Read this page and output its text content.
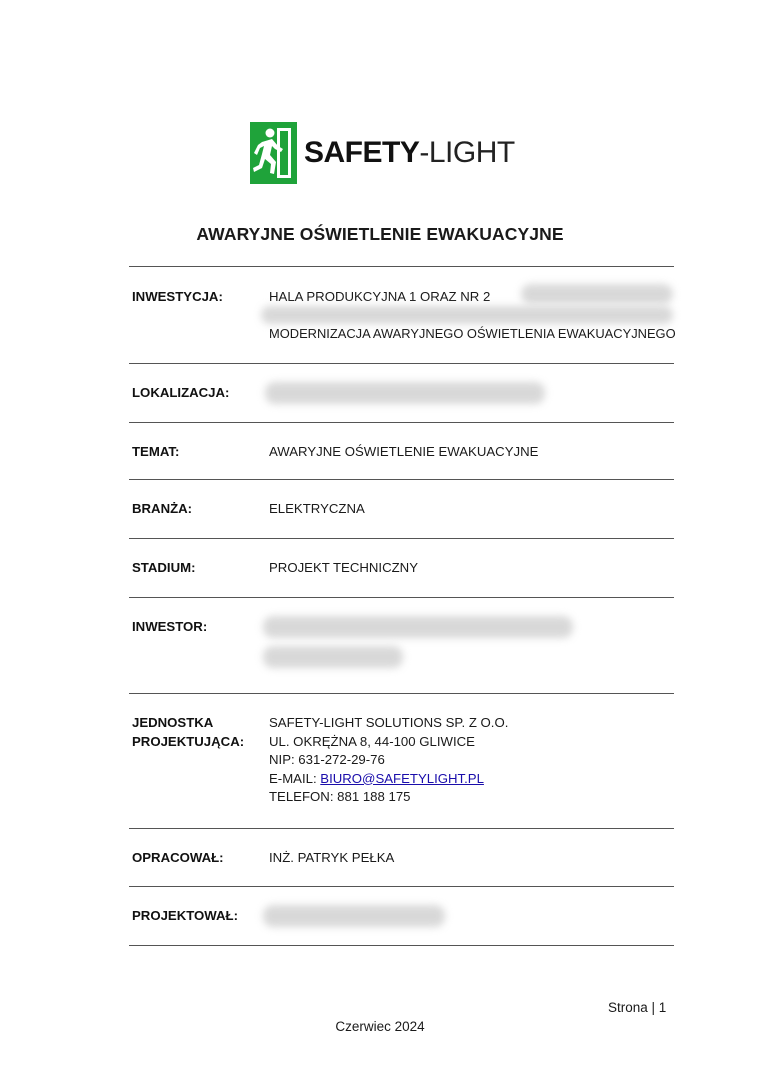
SAFETY-LIGHT
AWARYJNE OŚWIETLENIE EWAKUACYJNE
INWESTYCJA:	HALA PRODUKCYJNA 1 ORAZ NR 2
MODERNIZACJA AWARYJNEGO OŚWIETLENIA EWAKUACYJNEGO
LOKALIZACJA:
TEMAT:	AWARYJNE OŚWIETLENIE EWAKUACYJNE
BRANŻA:	ELEKTRYCZNA
STADIUM:	PROJEKT TECHNICZNY
INWESTOR:
JEDNOSTKA
PROJEKTUJĄCA:
SAFETY-LIGHT SOLUTIONS SP. Z O.O.
UL. OKRĘŻNA 8, 44-100 GLIWICE
NIP: 631-272-29-76
E-MAIL: BIURO@SAFETYLIGHT.PL
TELEFON: 881 188 175
OPRACOWAŁ:	INŻ. PATRYK PEŁKA
PROJEKTOWAŁ:
Strona | 1
Czerwiec 2024
